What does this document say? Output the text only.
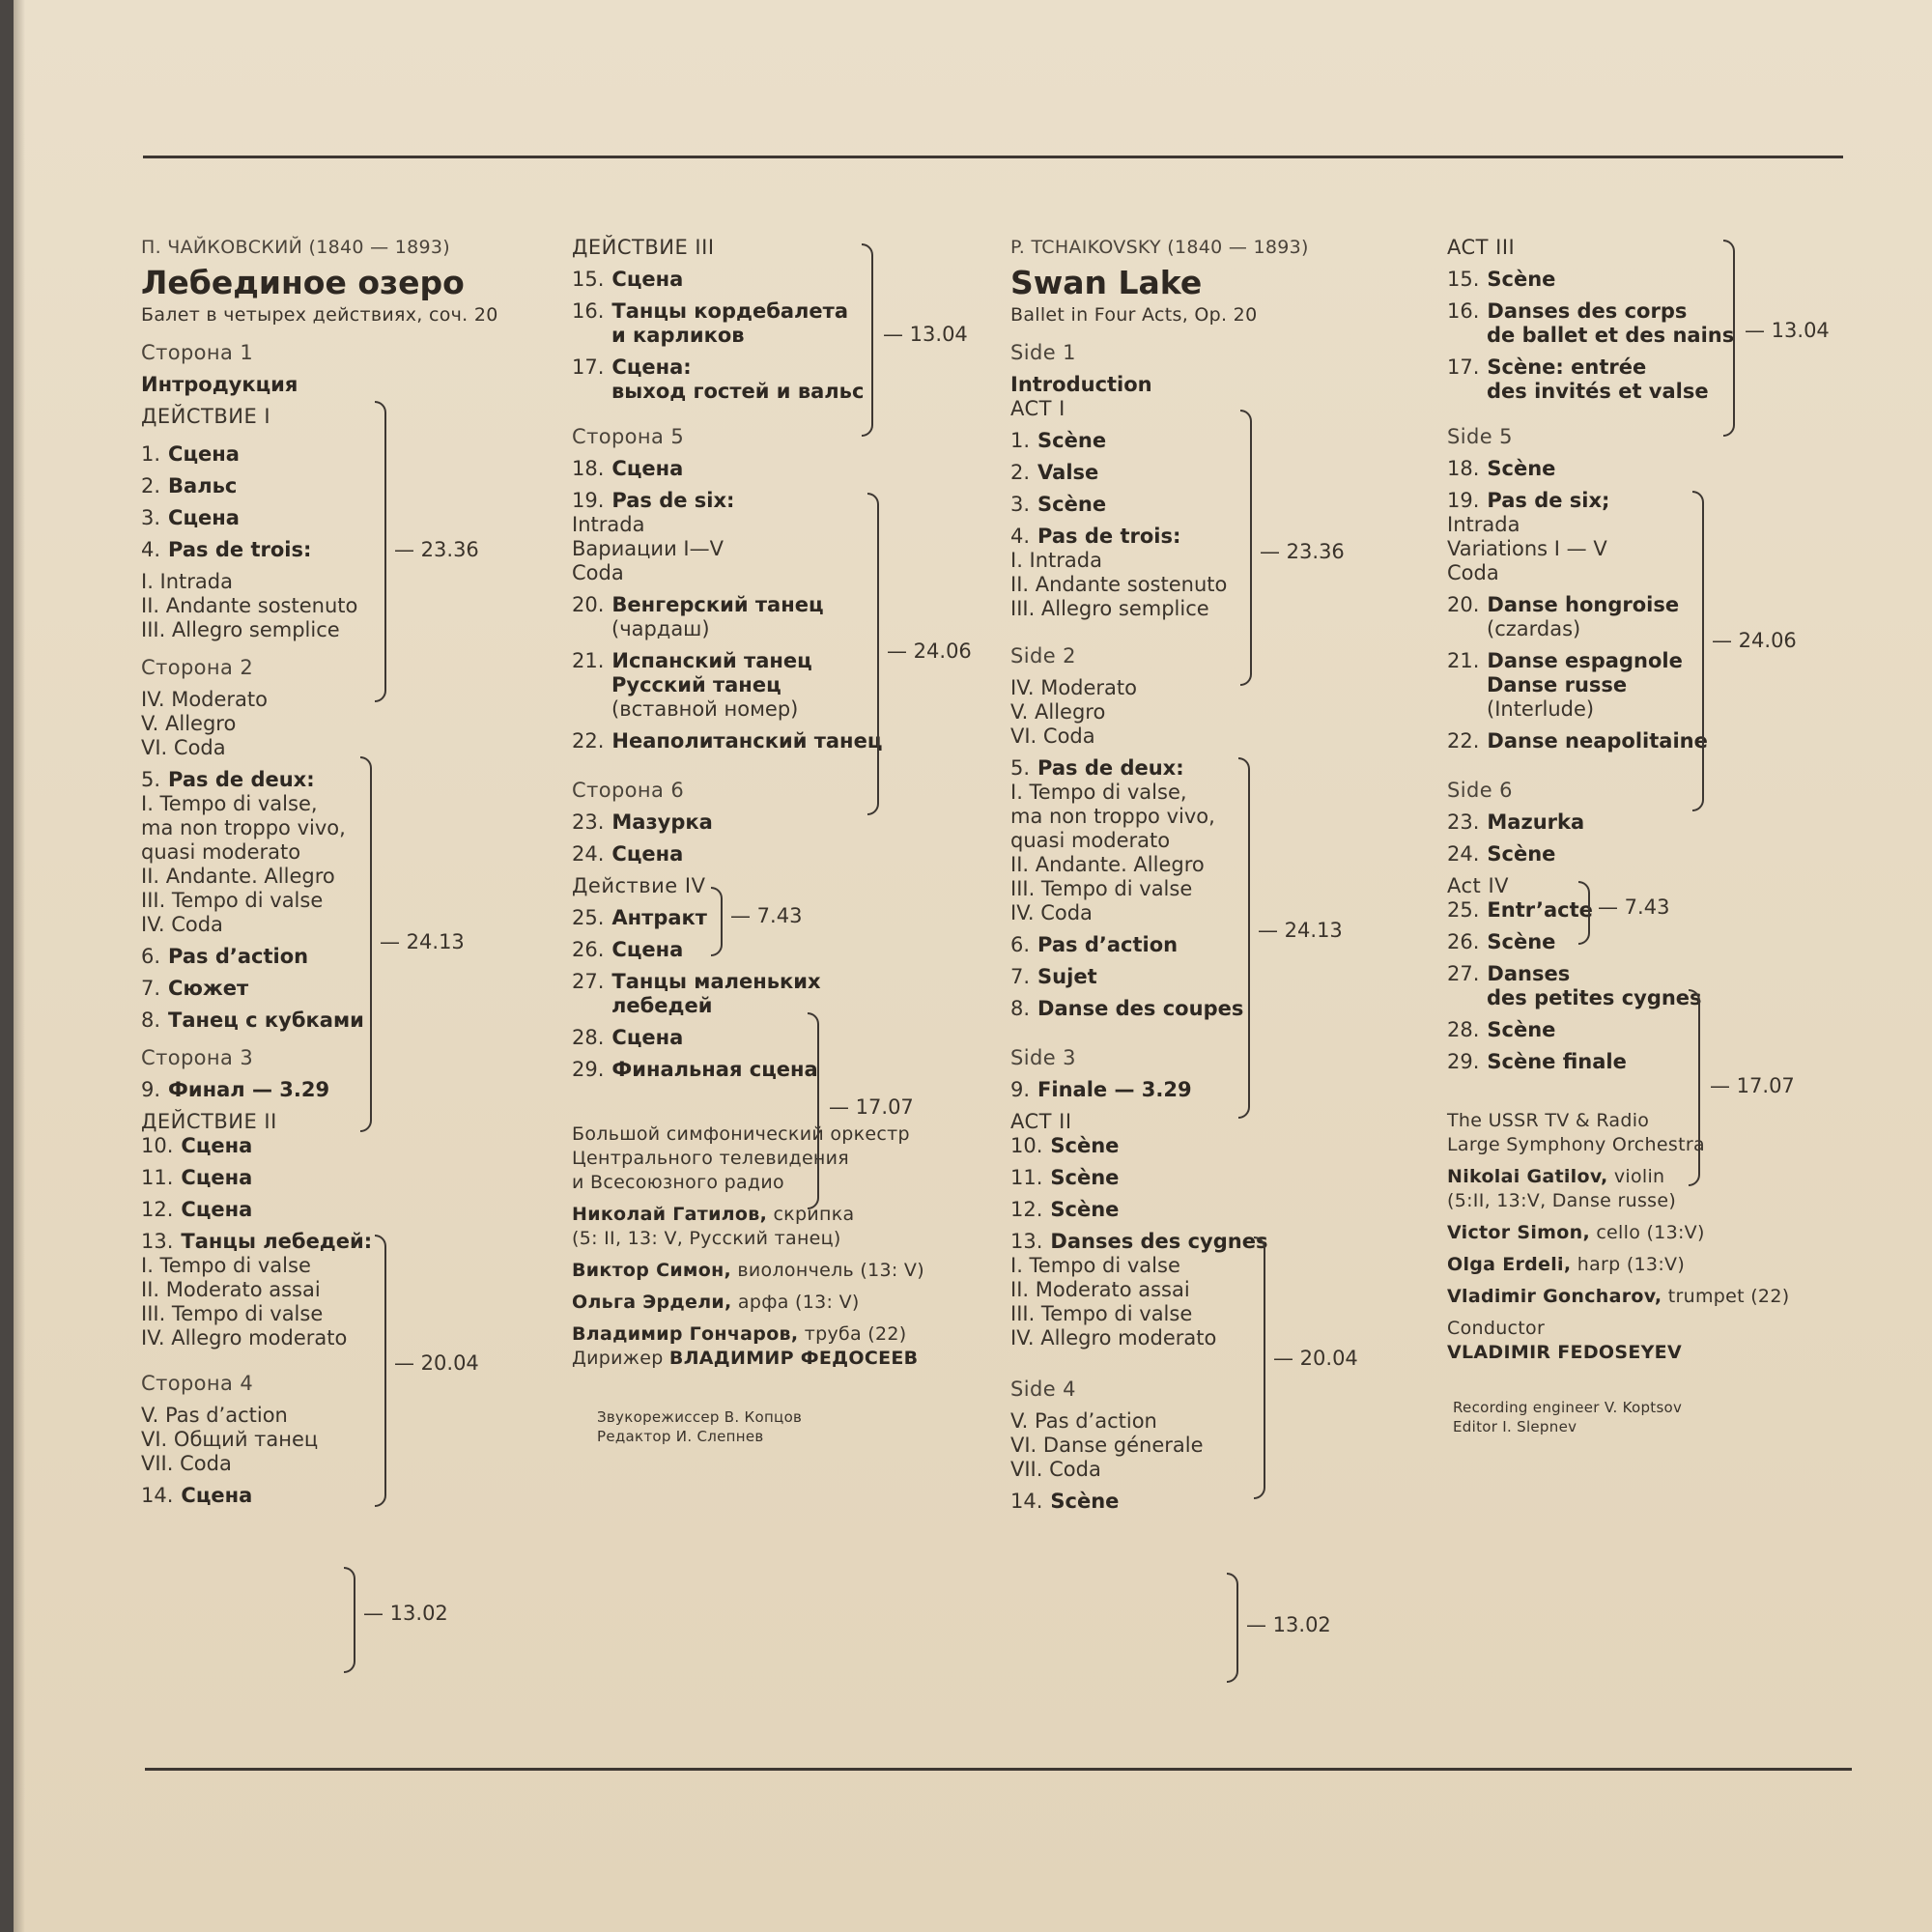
П. ЧАЙКОВСКИЙ (1840 — 1893)
Лебединое озеро
Балет в четырех действиях, соч. 20
Сторона 1
Интродукция
ДЕЙСТВИЕ I
1. Сцена
2. Вальс
3. Сцена
4. Pas de trois:
I. Intrada
II. Andante sostenuto
III. Allegro semplice
Сторона 2
IV. Moderato
V. Allegro
VI. Coda
5. Pas de deux:
I. Tempo di valse,
ma non troppo vivo,
quasi moderato
II. Andante. Allegro
III. Tempo di valse
IV. Coda
6. Pas d’action
7. Сюжет
8. Танец с кубками
Сторона 3
9. Финал — 3.29
ДЕЙСТВИЕ II
10. Сцена
11. Сцена
12. Сцена
13. Танцы лебедей:
I. Tempo di valse
II. Moderato assai
III. Tempo di valse
IV. Allegro moderato
Сторона 4
V. Pas d’action
VI. Общий танец
VII. Coda
14. Сцена
— 23.36
— 24.13
— 20.04
— 13.02
ДЕЙСТВИЕ III
15. Сцена
16. Танцы кордебалета
и карликов
17. Сцена:
выход гостей и вальс
Сторона 5
18. Сцена
19. Pas de six:
Intrada
Вариации I—V
Coda
20. Венгерский танец
(чардаш)
21. Испанский танец
Русский танец
(вставной номер)
22. Неаполитанский танец
Сторона 6
23. Мазурка
24. Сцена
Действие IV
25. Антракт
26. Сцена
27. Танцы маленьких
лебедей
28. Сцена
29. Финальная сцена
Большой симфонический оркестр
Центрального телевидения
и Всесоюзного радио
Николай Гатилов, скрипка
(5: II, 13: V, Русский танец)
Виктор Симон, виолончель (13: V)
Ольга Эрдели, арфа (13: V)
Владимир Гончаров, труба (22)
Дирижер ВЛАДИМИР ФЕДОСЕЕВ
Звукорежиссер В. Копцов
Редактор И. Слепнев
— 13.04
— 24.06
— 7.43
— 17.07
P. TCHAIKOVSKY (1840 — 1893)
Swan Lake
Ballet in Four Acts, Op. 20
Side 1
Introduction
ACT I
1. Scène
2. Valse
3. Scène
4. Pas de trois:
I. Intrada
II. Andante sostenuto
III. Allegro semplice
Side 2
IV. Moderato
V. Allegro
VI. Coda
5. Pas de deux:
I. Tempo di valse,
ma non troppo vivo,
quasi moderato
II. Andante. Allegro
III. Tempo di valse
IV. Coda
6. Pas d’action
7. Sujet
8. Danse des coupes
Side 3
9. Finale — 3.29
ACT II
10. Scène
11. Scène
12. Scène
13. Danses des cygnes
I. Tempo di valse
II. Moderato assai
III. Tempo di valse
IV. Allegro moderato
Side 4
V. Pas d’action
VI. Danse génerale
VII. Coda
14. Scène
— 23.36
— 24.13
— 20.04
— 13.02
ACT III
15. Scène
16. Danses des corps
de ballet et des nains
17. Scène: entrée
des invités et valse
Side 5
18. Scène
19. Pas de six;
Intrada
Variations I — V
Coda
20. Danse hongroise
(czardas)
21. Danse espagnole
Danse russe
(Interlude)
22. Danse neapolitaine
Side 6
23. Mazurka
24. Scène
Act IV
25. Entr’acte
26. Scène
27. Danses
des petites cygnes
28. Scène
29. Scène finale
The USSR TV & Radio
Large Symphony Orchestra
Nikolai Gatilov, violin
(5:II, 13:V, Danse russe)
Victor Simon, cello (13:V)
Olga Erdeli, harp (13:V)
Vladimir Goncharov, trumpet (22)
Conductor
VLADIMIR FEDOSEYEV
Recording engineer V. Koptsov
Editor I. Slepnev
— 13.04
— 24.06
— 7.43
— 17.07
